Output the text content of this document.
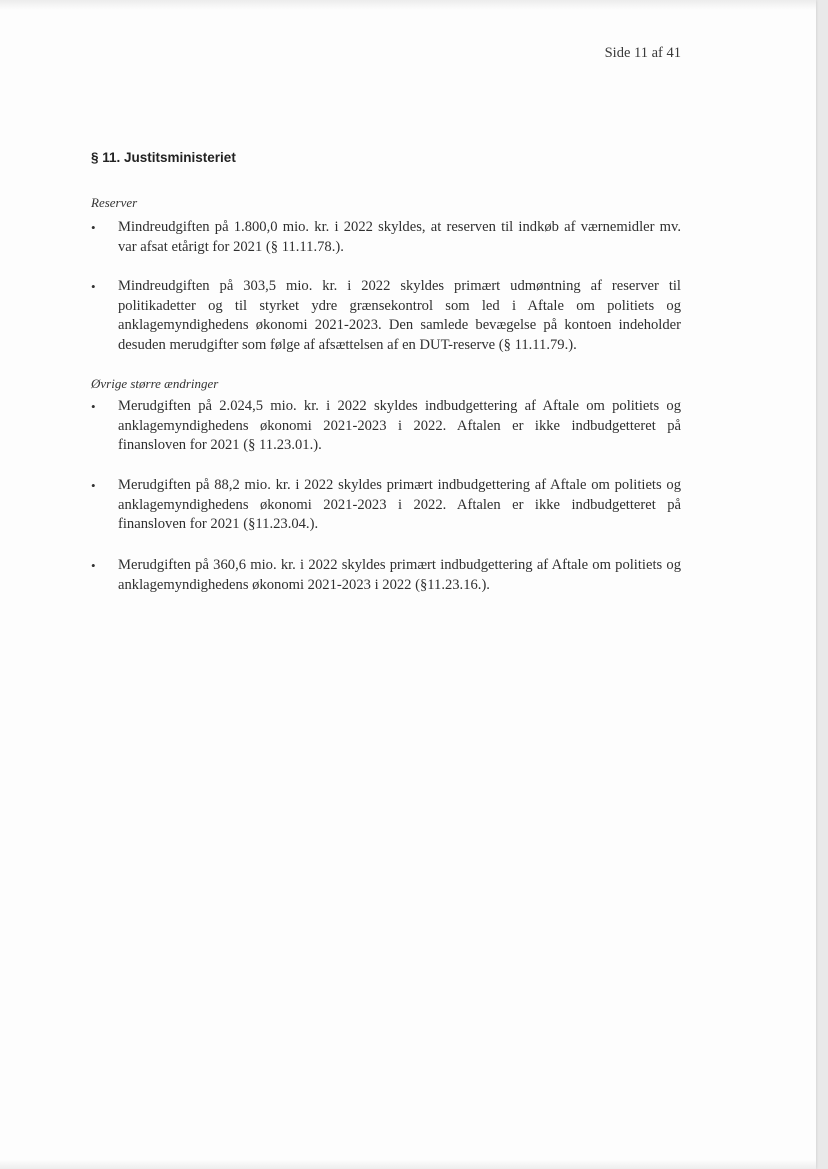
Side 11 af 41
§ 11. Justitsministeriet
Reserver
•	Mindreudgiften på 1.800,0 mio. kr. i 2022 skyldes, at reserven til indkøb af værnemidler mv. var afsat etårigt for 2021 (§ 11.11.78.).
•	Mindreudgiften på 303,5 mio. kr. i 2022 skyldes primært udmøntning af reserver til politikadetter og til styrket ydre grænsekontrol som led i Aftale om politiets og anklagemyndighedens økonomi 2021-2023. Den samlede bevægelse på kontoen indeholder desuden merudgifter som følge af afsættelsen af en DUT-reserve (§ 11.11.79.).
Øvrige større ændringer
•	Merudgiften på 2.024,5 mio. kr. i 2022 skyldes indbudgettering af Aftale om politiets og anklagemyndighedens økonomi 2021-2023 i 2022. Aftalen er ikke indbudgetteret på finansloven for 2021 (§ 11.23.01.).
•	Merudgiften på 88,2 mio. kr. i 2022 skyldes primært indbudgettering af Aftale om politiets og anklagemyndighedens økonomi 2021-2023 i 2022. Aftalen er ikke indbudgetteret på finansloven for 2021 (§11.23.04.).
•	Merudgiften på 360,6 mio. kr. i 2022 skyldes primært indbudgettering af Aftale om politiets og anklagemyndighedens økonomi 2021-2023 i 2022 (§11.23.16.).
